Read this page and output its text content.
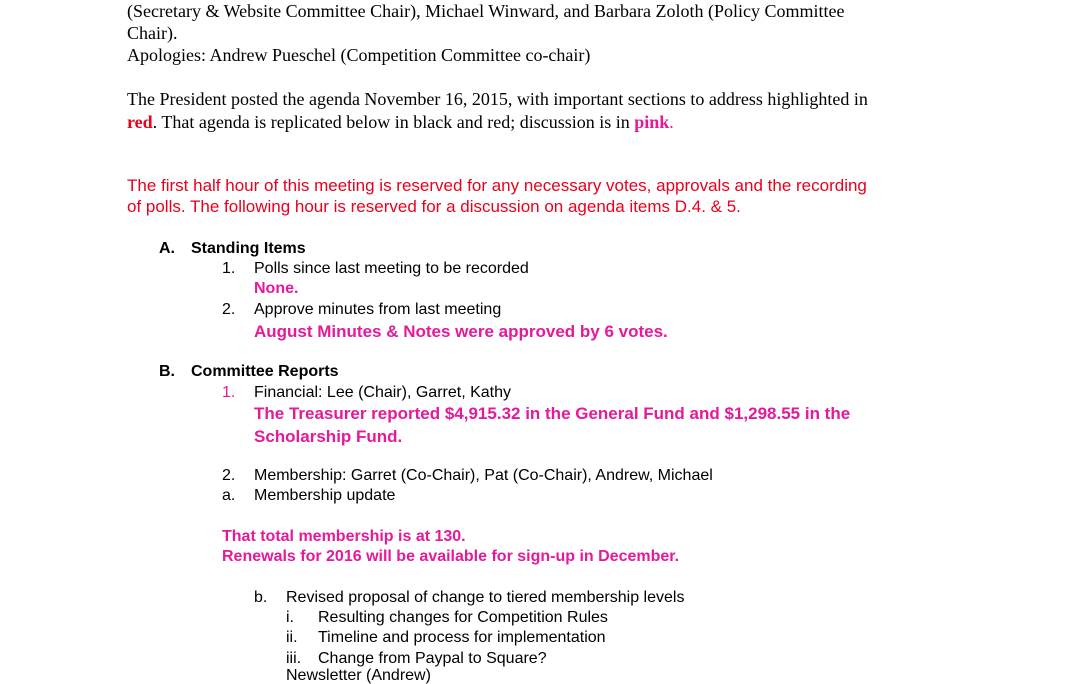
(Secretary & Website Committee Chair), Michael Winward, and Barbara Zoloth (Policy Committee
Chair).
Apologies: Andrew Pueschel (Competition Committee co-chair)
The President posted the agenda November 16, 2015, with important sections to address highlighted in
red. That agenda is replicated below in black and red; discussion is in pink.
The first half hour of this meeting is reserved for any necessary votes, approvals and the recording
of polls. The following hour is reserved for a discussion on agenda items D.4. & 5.
A. Standing Items
1. Polls since last meeting to be recorded
None.
2. Approve minutes from last meeting
August Minutes & Notes were approved by 6 votes.
B. Committee Reports
1. Financial: Lee (Chair), Garret, Kathy
The Treasurer reported $4,915.32 in the General Fund and $1,298.55 in the
Scholarship Fund.
2. Membership: Garret (Co-Chair), Pat (Co-Chair), Andrew, Michael
a. Membership update
That total membership is at 130.
Renewals for 2016 will be available for sign-up in December.
b. Revised proposal of change to tiered membership levels
i. Resulting changes for Competition Rules
ii. Timeline and process for implementation
iii. Change from Paypal to Square?
Newsletter (Andrew)
